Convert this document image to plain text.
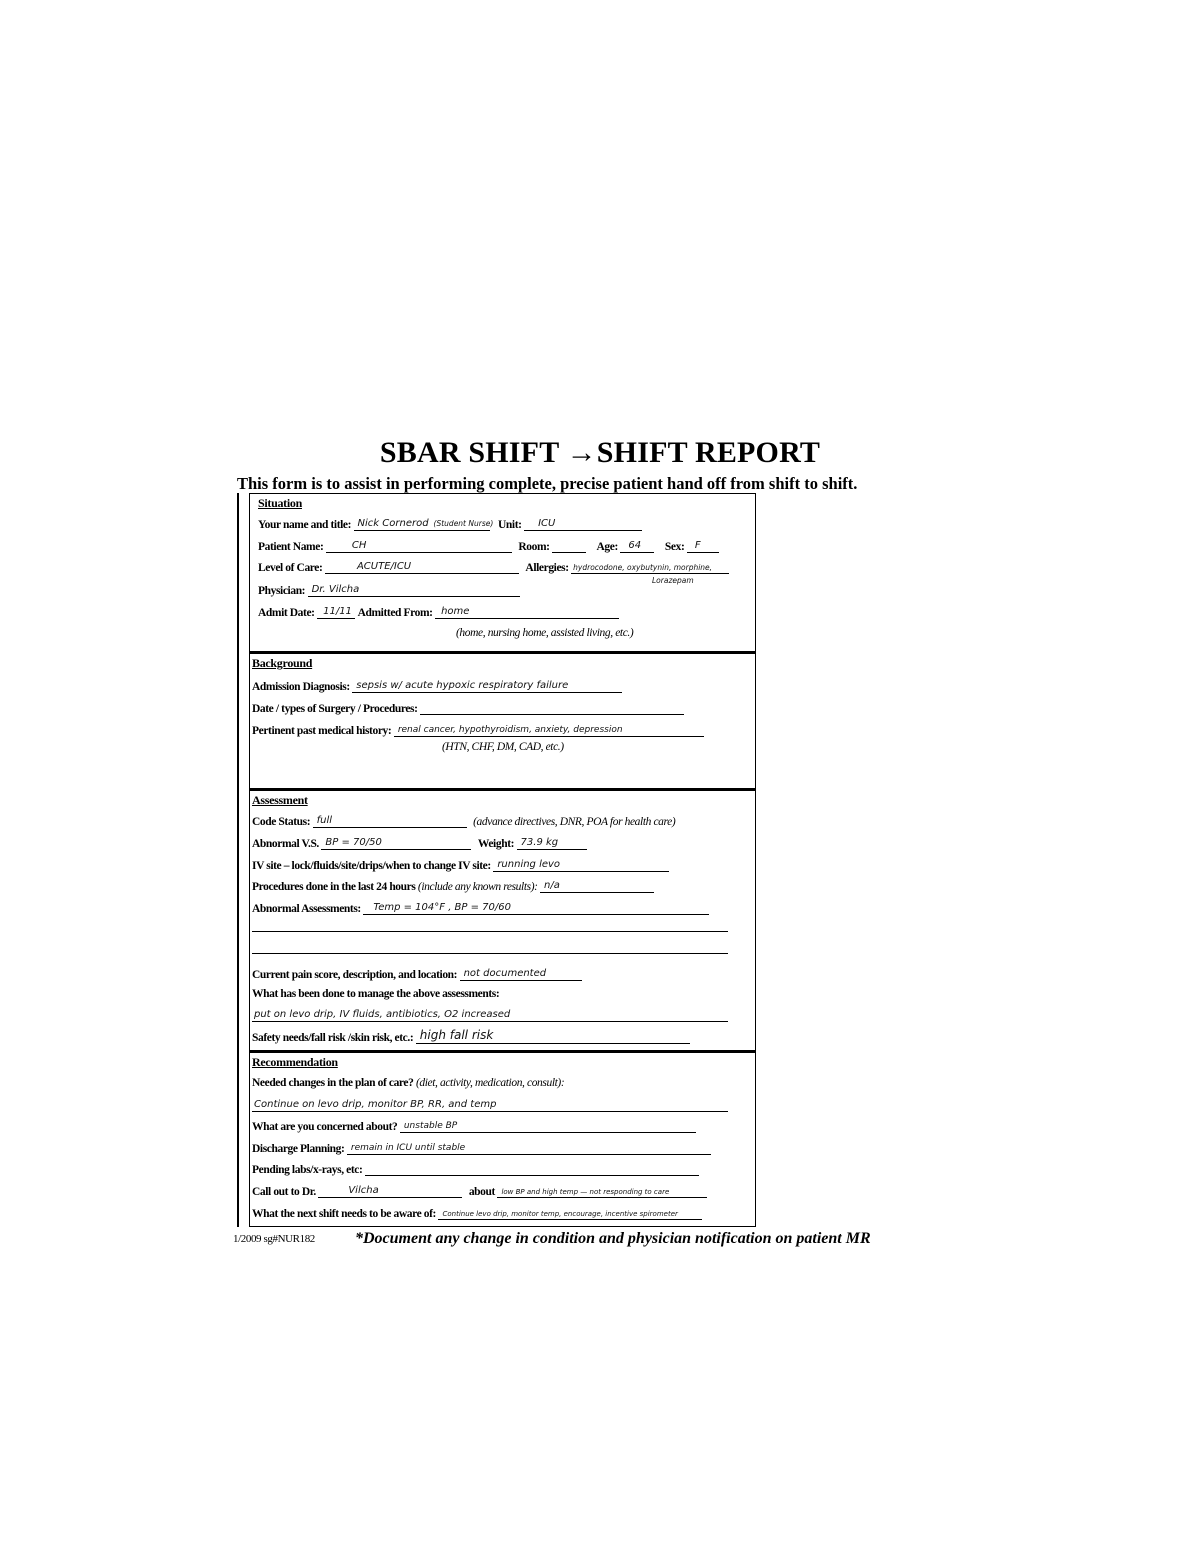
SBAR SHIFT →SHIFT REPORT
This form is to assist in performing complete, precise patient hand off from shift to shift.
Situation
Your name and title: Nick Cornerod (Student Nurse) Unit: ICU
Patient Name:	CH	Room:	Age: 64 Sex: F
Level of Care:	ACUTE/ICU	Allergies: hydrocodone, oxybutynin, morphine,
Lorazepam
Physician: Dr. Vilcha
Admit Date: 11/11 Admitted From: home
(home, nursing home, assisted living, etc.)
Background
Admission Diagnosis: sepsis w/ acute hypoxic respiratory failure
Date / types of Surgery / Procedures:
Pertinent past medical history: renal cancer, hypothyroidism, anxiety, depression
(HTN, CHF, DM, CAD, etc.)
Assessment
Code Status: full	(advance directives, DNR, POA for health care)
Abnormal V.S. BP = 70/50	Weight: 73.9 kg
IV site – lock/fluids/site/drips/when to change IV site: running levo
Procedures done in the last 24 hours (include any known results): n/a
Abnormal Assessments: Temp = 104°F , BP = 70/60
Current pain score, description, and location: not documented
What has been done to manage the above assessments:
put on levo drip, IV fluids, antibiotics, O2 increased
Safety needs/fall risk /skin risk, etc.: high fall risk
Recommendation
Needed changes in the plan of care? (diet, activity, medication, consult):
Continue on levo drip, monitor BP, RR, and temp
What are you concerned about? unstable BP
Discharge Planning: remain in ICU until stable
Pending labs/x-rays, etc:
Call out to Dr.	Vilcha	about low BP and high temp — not responding to care
What the next shift needs to be aware of: Continue levo drip, monitor temp, encourage, incentive spirometer
1/2009 sg#NUR182	*Document any change in condition and physician notification on patient MR
